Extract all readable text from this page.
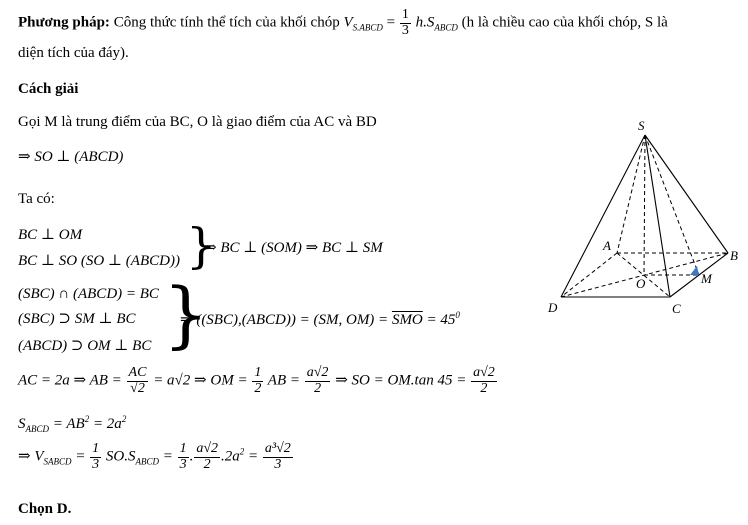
Phương pháp: Công thức tính thể tích của khối chóp $V_{S.ABCD} = \frac{1}{3} h.S_{ABCD}$ (h là chiều cao của khối chóp, S là
diện tích của đáy).
Cách giải
Gọi M là trung điểm của BC, O là giao điểm của AC và BD
⇒ SO ⊥ (ABCD)
Ta có:
BC ⊥ OM
BC ⊥ SO (SO ⊥ (ABCD)) }
⇒ BC ⊥ (SOM) ⇒ BC ⊥ SM
(SBC) ∩ (ABCD) = BC
(SBC) ⊃ SM ⊥ BC
(ABCD) ⊃ OM ⊥ BC }
⇒ ((SBC),(ABCD)) = (SM, $OM) = \overline{SMO} = 45^0$
AC = 2a ⇒ AB = $\frac{AC}{√2} = a√2$ ⇒ OM = $\frac{1}{2}$ AB = $\frac{a√2}{2}$ ⇒ SO = OM.tan $45 = \frac{a√2}{2}$
$S_{ABCD} = AB^2 = 2a^2$
⇒ $V_{SABCD} = \frac{1}{3} SO.S_{ABCD} = \frac{1}{3}$ . $\frac{a√2}{2} .2a^2 = \frac{\text{a³√2}}{3}$
Chọn D.
S
A
B
C
D
O	M
